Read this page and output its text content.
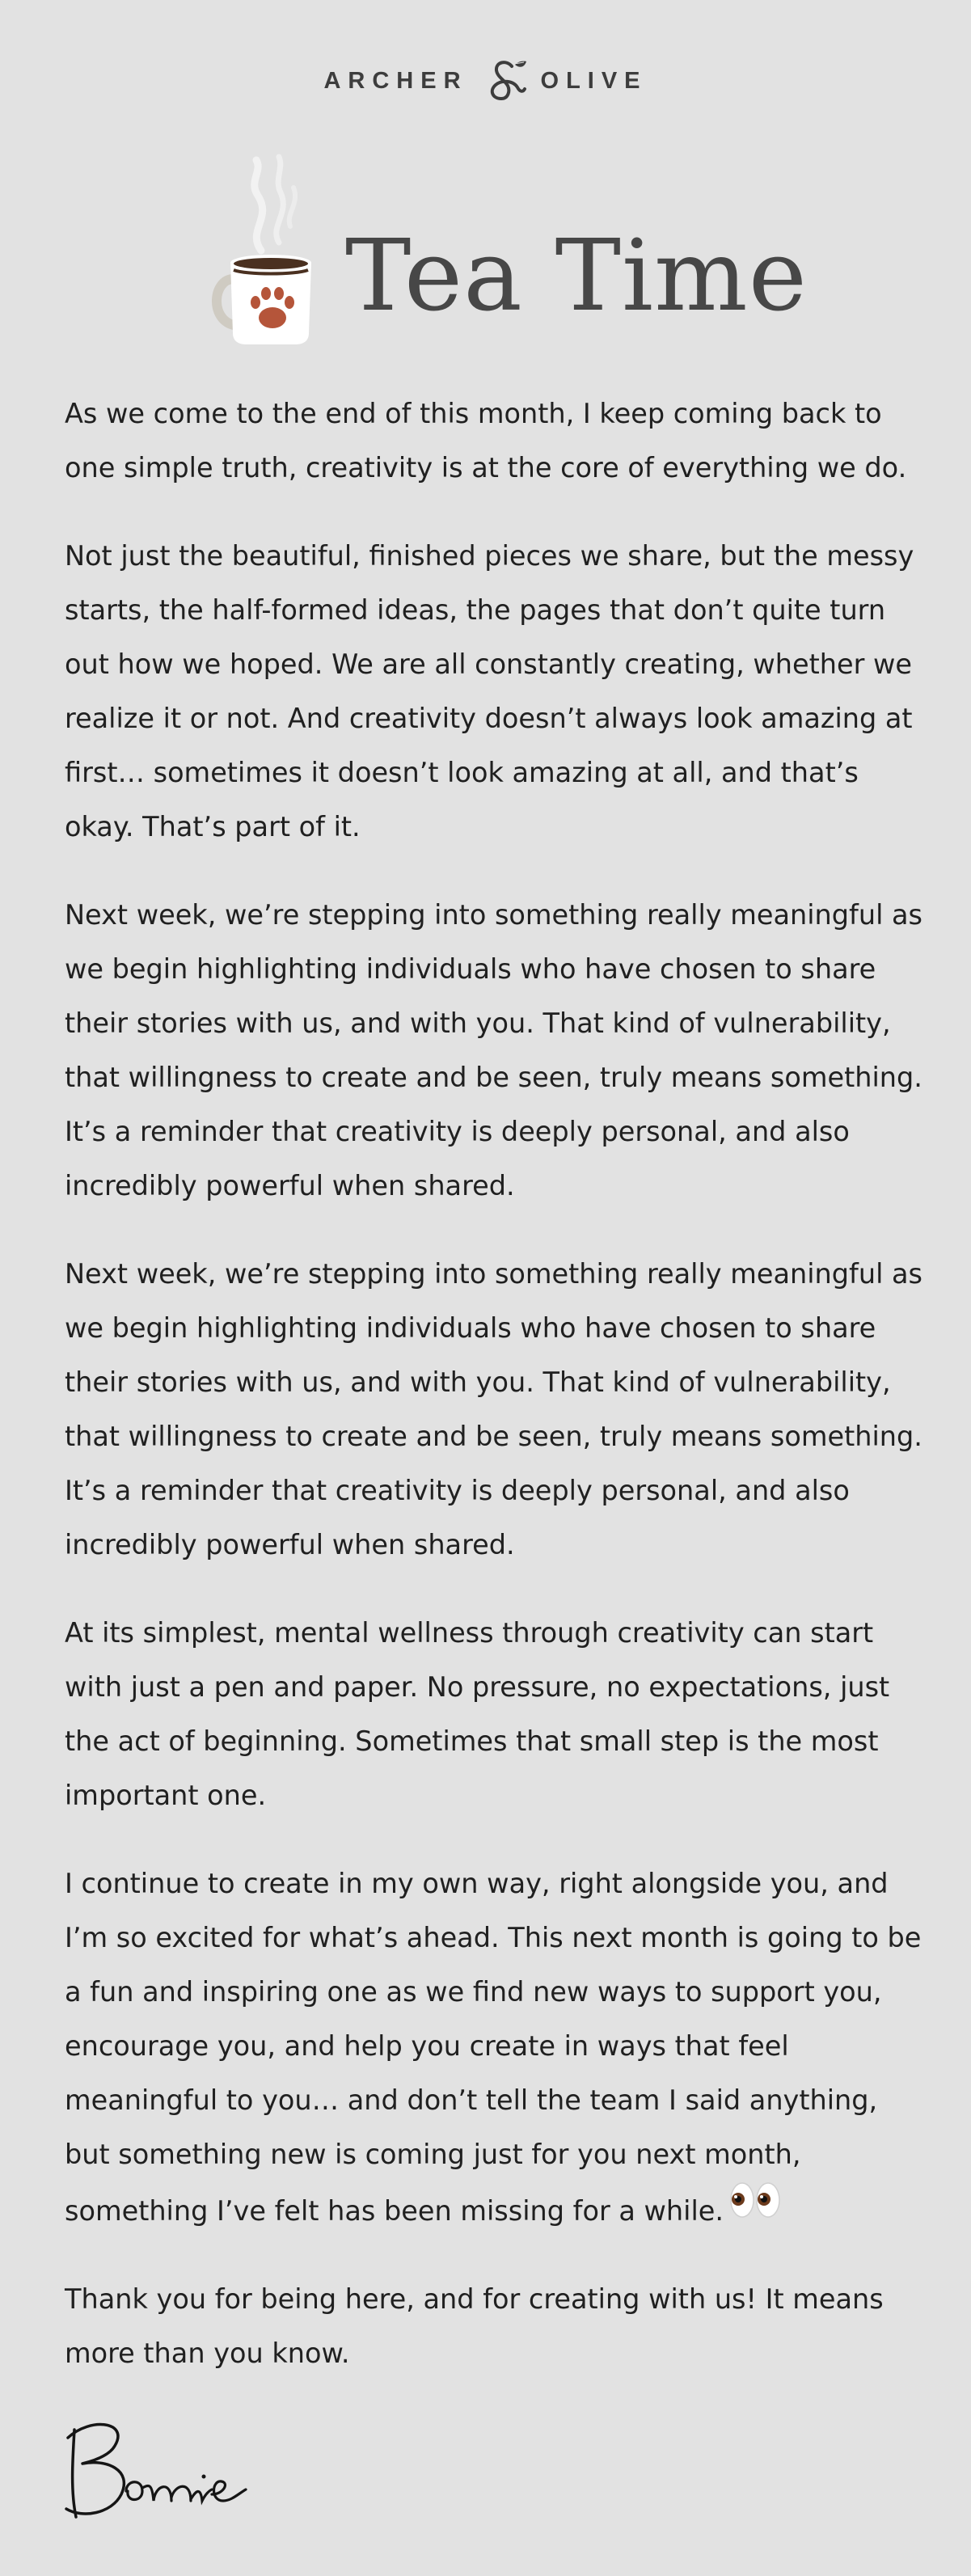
ARCHER	OLIVE
Tea Time

As we come to the end of this month, I keep coming back to one simple truth, creativity is at the core of everything we do.

Not just the beautiful, finished pieces we share, but the messy starts, the half-formed ideas, the pages that don’t quite turn out how we hoped. We are all constantly creating, whether we realize it or not. And creativity doesn’t always look amazing at first… sometimes it doesn’t look amazing at all, and that’s okay. That’s part of it.

Next week, we’re stepping into something really meaningful as we begin highlighting individuals who have chosen to share their stories with us, and with you. That kind of vulnerability, that willingness to create and be seen, truly means something. It’s a reminder that creativity is deeply personal, and also incredibly powerful when shared.

Next week, we’re stepping into something really meaningful as we begin highlighting individuals who have chosen to share their stories with us, and with you. That kind of vulnerability, that willingness to create and be seen, truly means something. It’s a reminder that creativity is deeply personal, and also incredibly powerful when shared.

At its simplest, mental wellness through creativity can start with just a pen and paper. No pressure, no expectations, just the act of beginning. Sometimes that small step is the most important one.

I continue to create in my own way, right alongside you, and I’m so excited for what’s ahead. This next month is going to be a fun and inspiring one as we find new ways to support you, encourage you, and help you create in ways that feel meaningful to you… and don’t tell the team I said anything, but something new is coming just for you next month, something I’ve felt has been missing for a while.

Thank you for being here, and for creating with us! It means more than you know.
